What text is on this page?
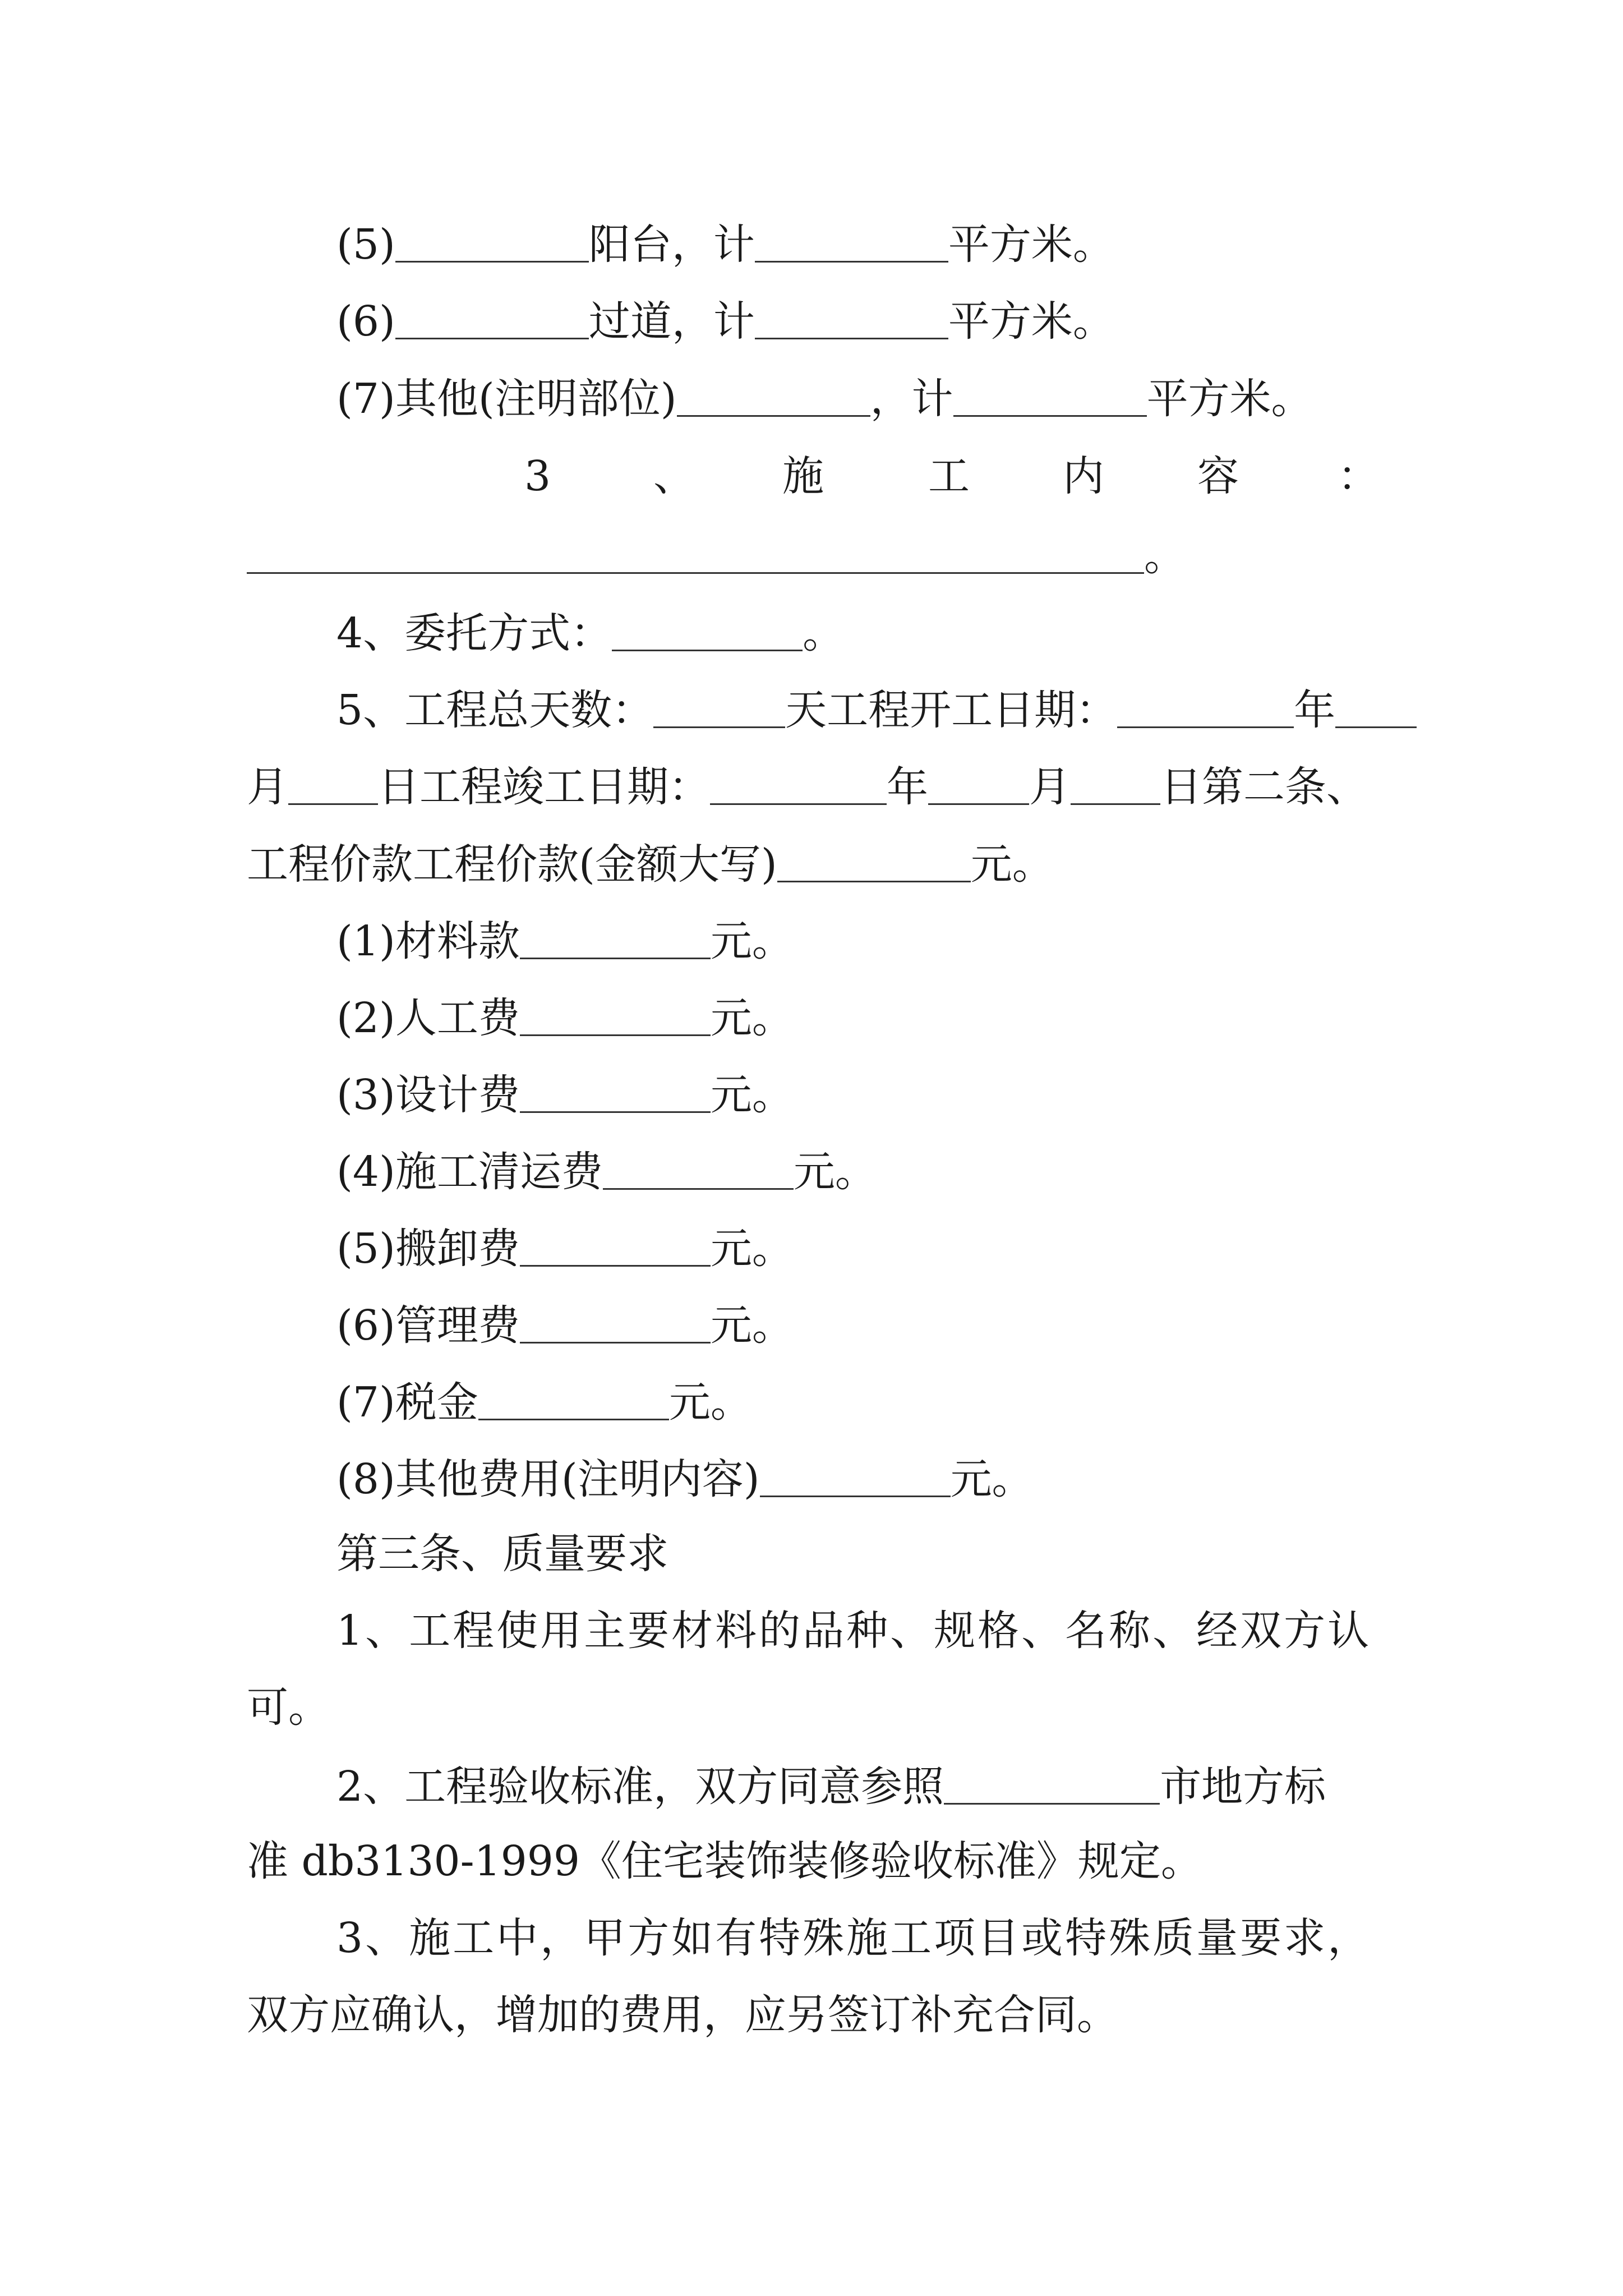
(5)	阳台，计	平方米。
(6)	过道，计	平方米。
(7)其他(注明部位)	，计	平方米。
3 、 施	工 内 容 ：
。
4、委托方式：	。
5、工程总天数：	天工程开工日期：	年
月 日工程竣工日期：	年 月 日第二条、
工程价款工程价款(金额大写)	元。
(1)材料款	元。
(2)人工费	元。
(3)设计费	元。
(4)施工清运费	元。
(5)搬卸费	元。
(6)管理费	元。
(7)税金	元。
(8)其他费用(注明内容)	元。
第三条、质量要求
1、工程使用主要材料的品种、规格、名称、经双方认
可。
2、工程验收标准，双方同意参照	市地方标
准 db3130-1999《住宅装饰装修验收标准》规定。
3、施工中，甲方如有特殊施工项目或特殊质量要求，
双方应确认，增加的费用，应另签订补充合同。
